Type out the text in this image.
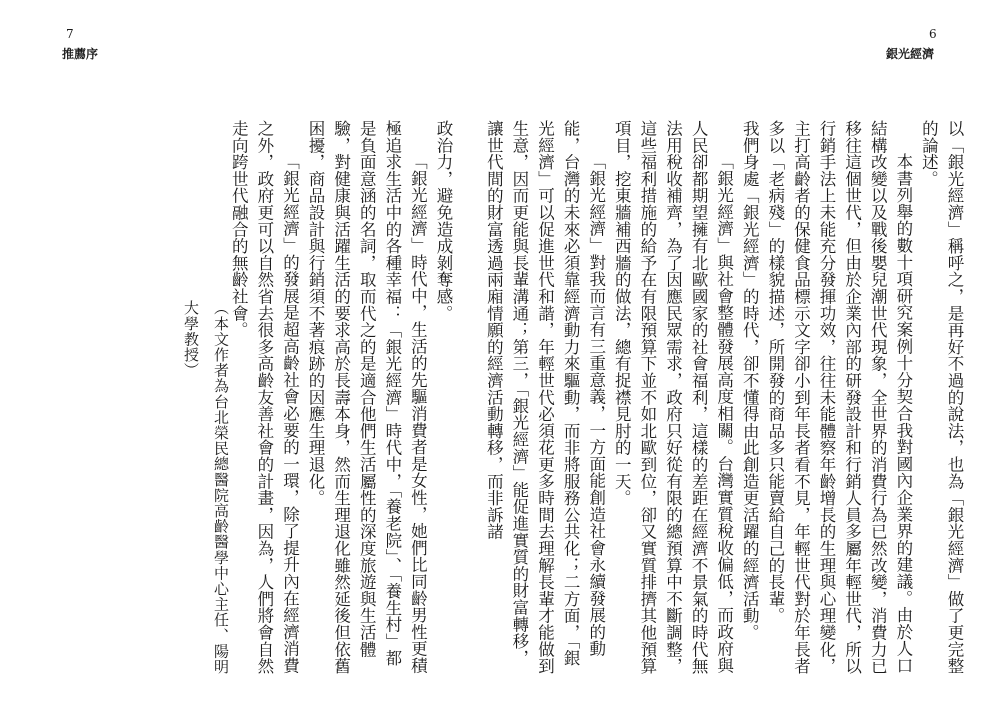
7
推薦序
6
銀光經濟

以「銀光經濟」稱呼之，是再好不過的說法，也為「銀光經濟」做了更完整的論述。

本書列舉的數十項研究案例十分契合我對國內企業界的建議。由於人口結構改變以及戰後嬰兒潮世代現象，全世界的消費行為已然改變，消費力已移往這個世代，但由於企業內部的研發設計和行銷人員多屬年輕世代，所以行銷手法上未能充分發揮功效，往往未能體察年齡增長的生理與心理變化，主打高齡者的保健食品標示文字卻小到年長者看不見，年輕世代對於年長者多以「老病殘」的樣貌描述，所開發的商品多只能賣給自己的長輩。

我們身處「銀光經濟」的時代，卻不懂得由此創造更活躍的經濟活動。

「銀光經濟」與社會整體發展高度相關。台灣實質稅收偏低，而政府與人民卻都期望擁有北歐國家的社會福利，這樣的差距在經濟不景氣的時代無法用稅收補齊，為了因應民眾需求，政府只好從有限的總預算中不斷調整，這些福利措施的給予在有限預算下並不如北歐到位，卻又實質排擠其他預算項目，挖東牆補西牆的做法，總有捉襟見肘的一天。

「銀光經濟」對我而言有三重意義，一方面能創造社會永續發展的動能，台灣的未來必須靠經濟動力來驅動，而非將服務公共化；二方面，「銀光經濟」可以促進世代和諧，年輕世代必須花更多時間去理解長輩才能做到生意，因而更能與長輩溝通；第三，「銀光經濟」能促進實質的財富轉移，讓世代間的財富透過兩廂情願的經濟活動轉移，而非訴諸

政治力，避免造成剝奪感。

「銀光經濟」時代中，生活的先驅消費者是女性，她們比同齡男性更積極追求生活中的各種幸福：「銀光經濟」時代中，「養老院」、「養生村」都是負面意涵的名詞，取而代之的是適合他們生活屬性的深度旅遊與生活體驗，對健康與活躍生活的要求高於長壽本身，然而生理退化雖然延後但依舊困擾，商品設計與行銷須不著痕跡的因應生理退化。

「銀光經濟」的發展是超高齡社會必要的一環，除了提升內在經濟消費之外，政府更可以自然省去很多高齡友善社會的計畫，因為，人們將會自然走向跨世代融合的無齡社會。

（本文作者為台北榮民總醫院高齡醫學中心主任、陽明大學教授）
